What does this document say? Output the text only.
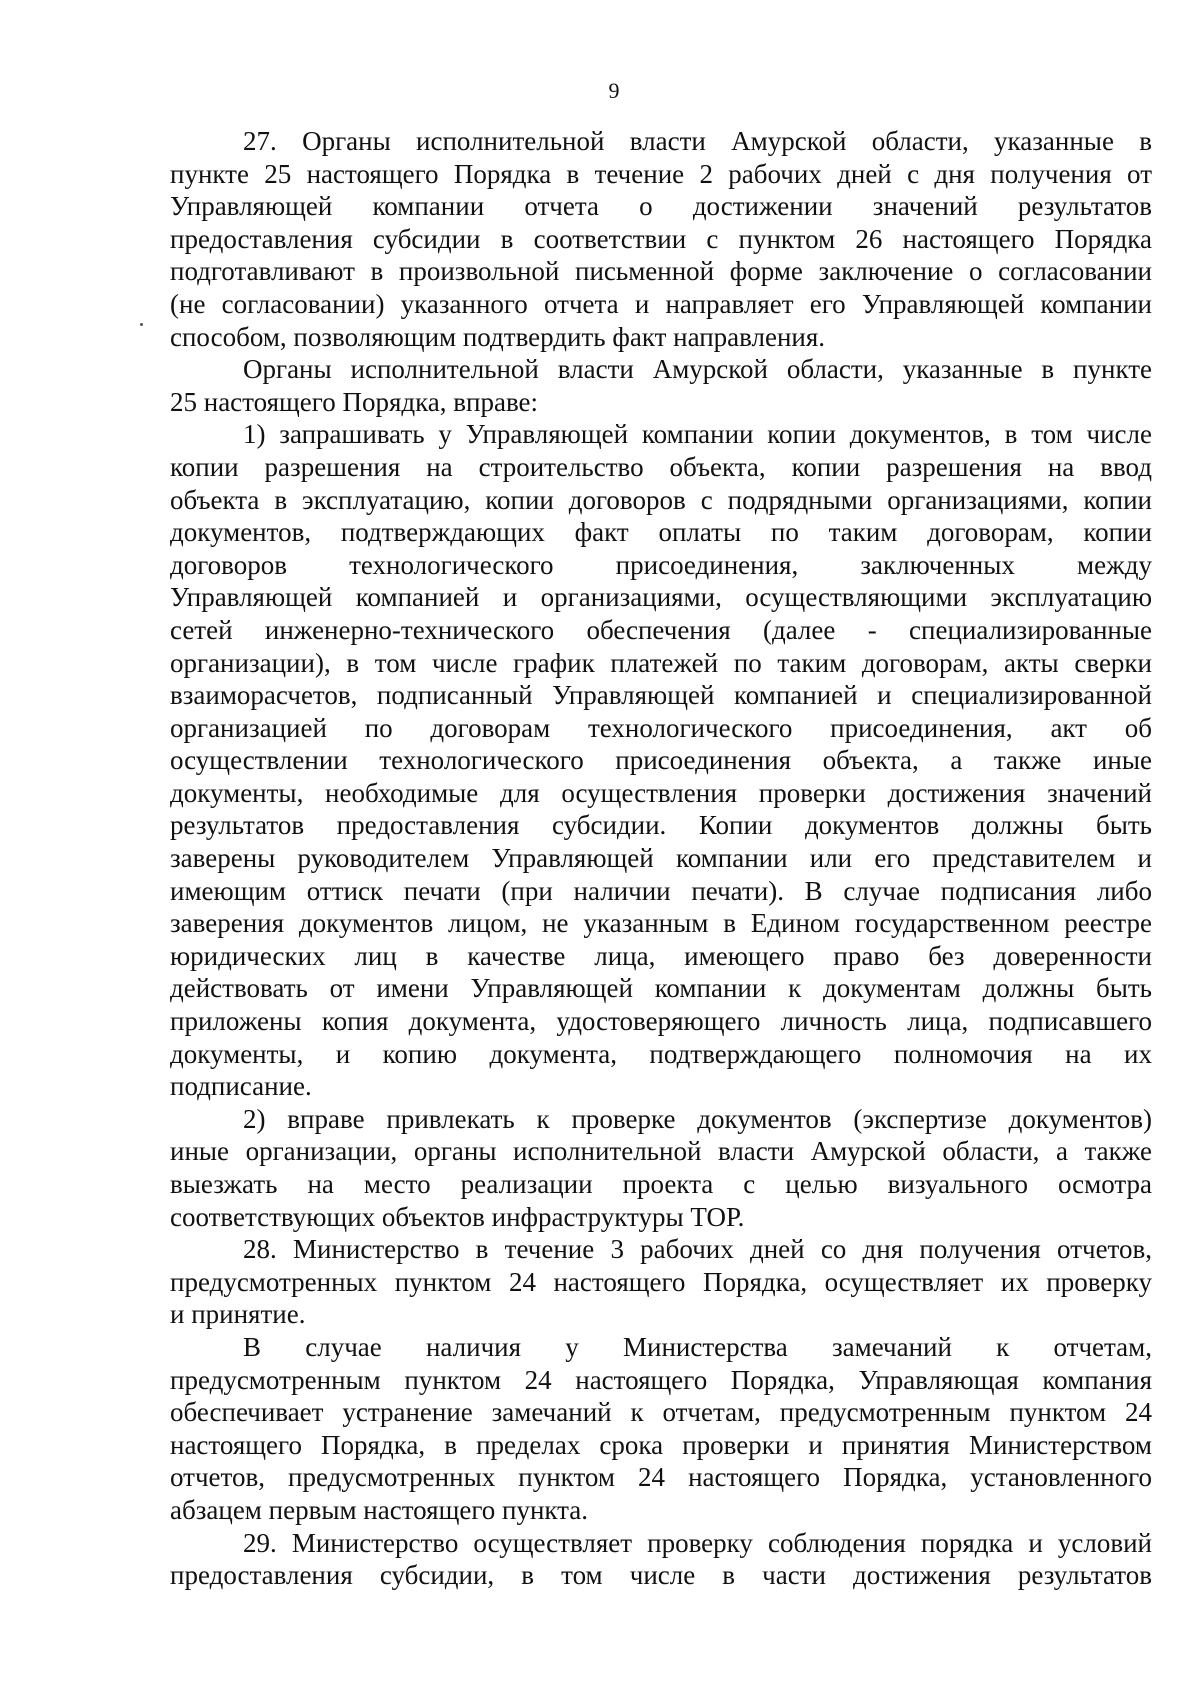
9
27. Органы исполнительной власти Амурской области, указанные в
пункте 25 настоящего Порядка в течение 2 рабочих дней с дня получения от
Управляющей компании отчета о достижении значений результатов
предоставления субсидии в соответствии с пунктом 26 настоящего Порядка
подготавливают в произвольной письменной форме заключение о согласовании
(не согласовании) указанного отчета и направляет его Управляющей компании
способом, позволяющим подтвердить факт направления.
Органы исполнительной власти Амурской области, указанные в пункте
25 настоящего Порядка, вправе:
1) запрашивать у Управляющей компании копии документов, в том числе
копии разрешения на строительство объекта, копии разрешения на ввод
объекта в эксплуатацию, копии договоров с подрядными организациями, копии
документов, подтверждающих факт оплаты по таким договорам, копии
договоров технологического присоединения, заключенных между
Управляющей компанией и организациями, осуществляющими эксплуатацию
сетей инженерно-технического обеспечения (далее - специализированные
организации), в том числе график платежей по таким договорам, акты сверки
взаиморасчетов, подписанный Управляющей компанией и специализированной
организацией по договорам технологического присоединения, акт об
осуществлении технологического присоединения объекта, а также иные
документы, необходимые для осуществления проверки достижения значений
результатов предоставления субсидии. Копии документов должны быть
заверены руководителем Управляющей компании или его представителем и
имеющим оттиск печати (при наличии печати). В случае подписания либо
заверения документов лицом, не указанным в Едином государственном реестре
юридических лиц в качестве лица, имеющего право без доверенности
действовать от имени Управляющей компании к документам должны быть
приложены копия документа, удостоверяющего личность лица, подписавшего
документы, и копию документа, подтверждающего полномочия на их
подписание.
2) вправе привлекать к проверке документов (экспертизе документов)
иные организации, органы исполнительной власти Амурской области, а также
выезжать на место реализации проекта с целью визуального осмотра
соответствующих объектов инфраструктуры ТОР.
28. Министерство в течение 3 рабочих дней со дня получения отчетов,
предусмотренных пунктом 24 настоящего Порядка, осуществляет их проверку
и принятие.
В случае наличия у Министерства замечаний к отчетам,
предусмотренным пунктом 24 настоящего Порядка, Управляющая компания
обеспечивает устранение замечаний к отчетам, предусмотренным пунктом 24
настоящего Порядка, в пределах срока проверки и принятия Министерством
отчетов, предусмотренных пунктом 24 настоящего Порядка, установленного
абзацем первым настоящего пункта.
29. Министерство осуществляет проверку соблюдения порядка и условий
предоставления субсидии, в том числе в части достижения результатов
